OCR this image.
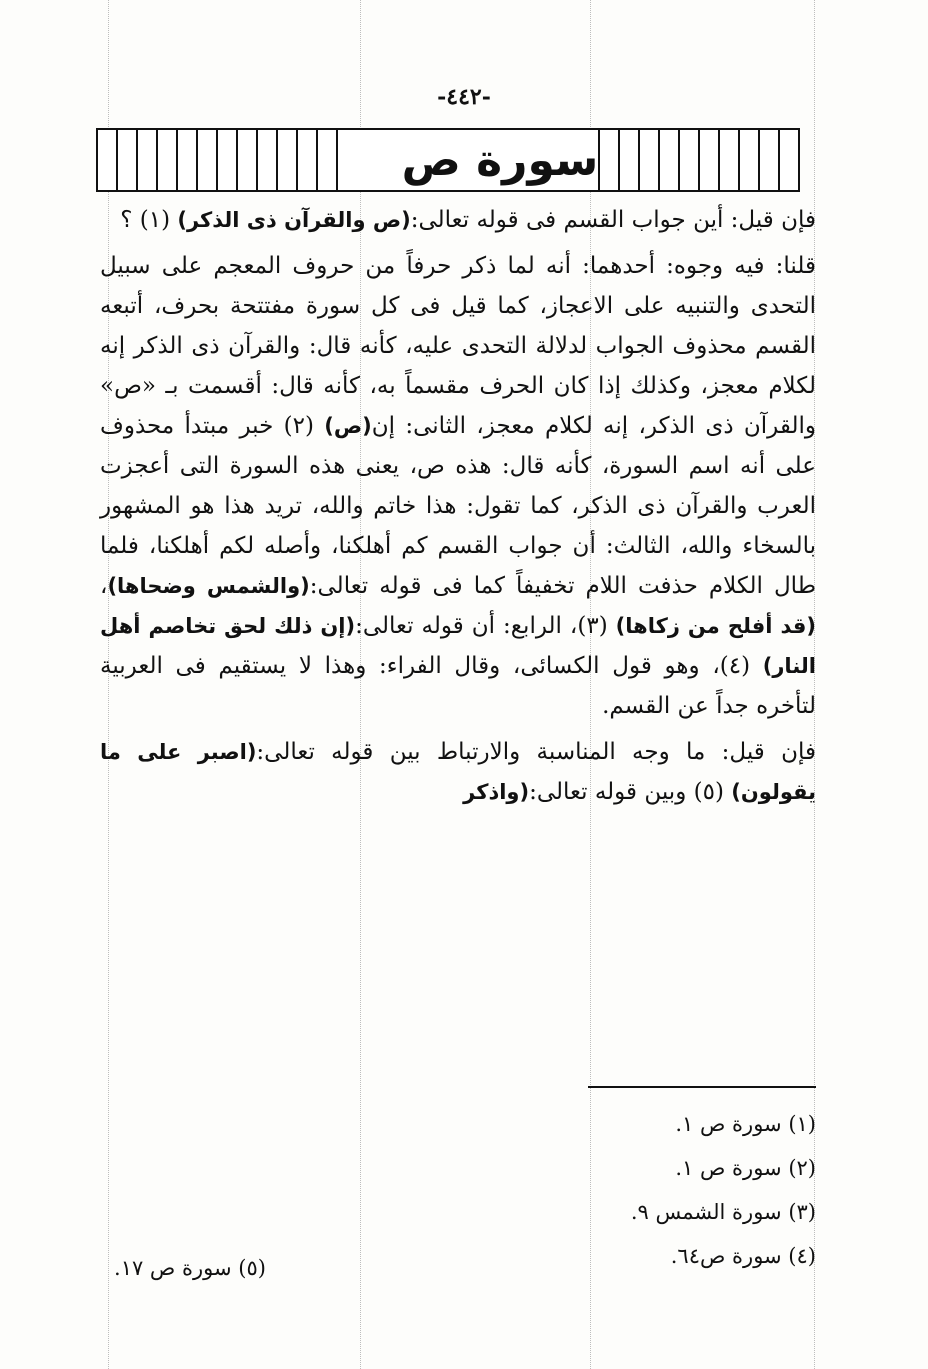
-٤٤٢-
سورة ص

فإن قيل: أين جواب القسم فى قوله تعالى:(ص والقرآن ذى الذكر) (١) ؟

قلنا: فيه وجوه: أحدهما: أنه لما ذكر حرفاً من حروف المعجم على سبيل التحدى والتنبيه على الاعجاز، كما قيل فى كل سورة مفتتحة بحرف، أتبعه القسم محذوف الجواب لدلالة التحدى عليه، كأنه قال: والقرآن ذى الذكر إنه لكلام معجز، وكذلك إذا كان الحرف مقسماً به، كأنه قال: أقسمت بـ «ص» والقرآن ذى الذكر، إنه لكلام معجز، الثانى: إن(ص) (٢) خبر مبتدأ محذوف على أنه اسم السورة، كأنه قال: هذه ص، يعنى هذه السورة التى أعجزت العرب والقرآن ذى الذكر، كما تقول: هذا خاتم والله، تريد هذا هو المشهور بالسخاء والله، الثالث: أن جواب القسم كم أهلكنا، وأصله لكم أهلكنا، فلما طال الكلام حذفت اللام تخفيفاً كما فى قوله تعالى:(والشمس وضحاها)، (قد أفلح من زكاها) (٣)، الرابع: أن قوله تعالى:(إن ذلك لحق تخاصم أهل النار) (٤)، وهو قول الكسائى، وقال الفراء: وهذا لا يستقيم فى العربية لتأخره جداً عن القسم.

فإن قيل: ما وجه المناسبة والارتباط بين قوله تعالى:(اصبر على ما يقولون) (٥) وبين قوله تعالى:(واذكر

(١) سورة ص ١.
(٢) سورة ص ١.
(٣) سورة الشمس ٩.
(٤) سورة ص٦٤.
(٥) سورة ص ١٧.
